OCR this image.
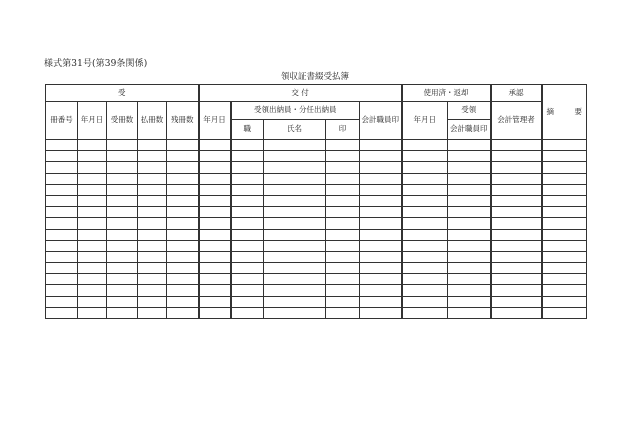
様式第31号(第39条関係)
領収証書綴受払簿
受					交 付					使用済・返却		承認	摘 要

冊番号	年月日	受冊数	払冊数	残冊数	年月日	受領出納員・分任出納員			会計職員印	年月日	受領	会計管理者	
						職	氏名	印			会計職員印		
